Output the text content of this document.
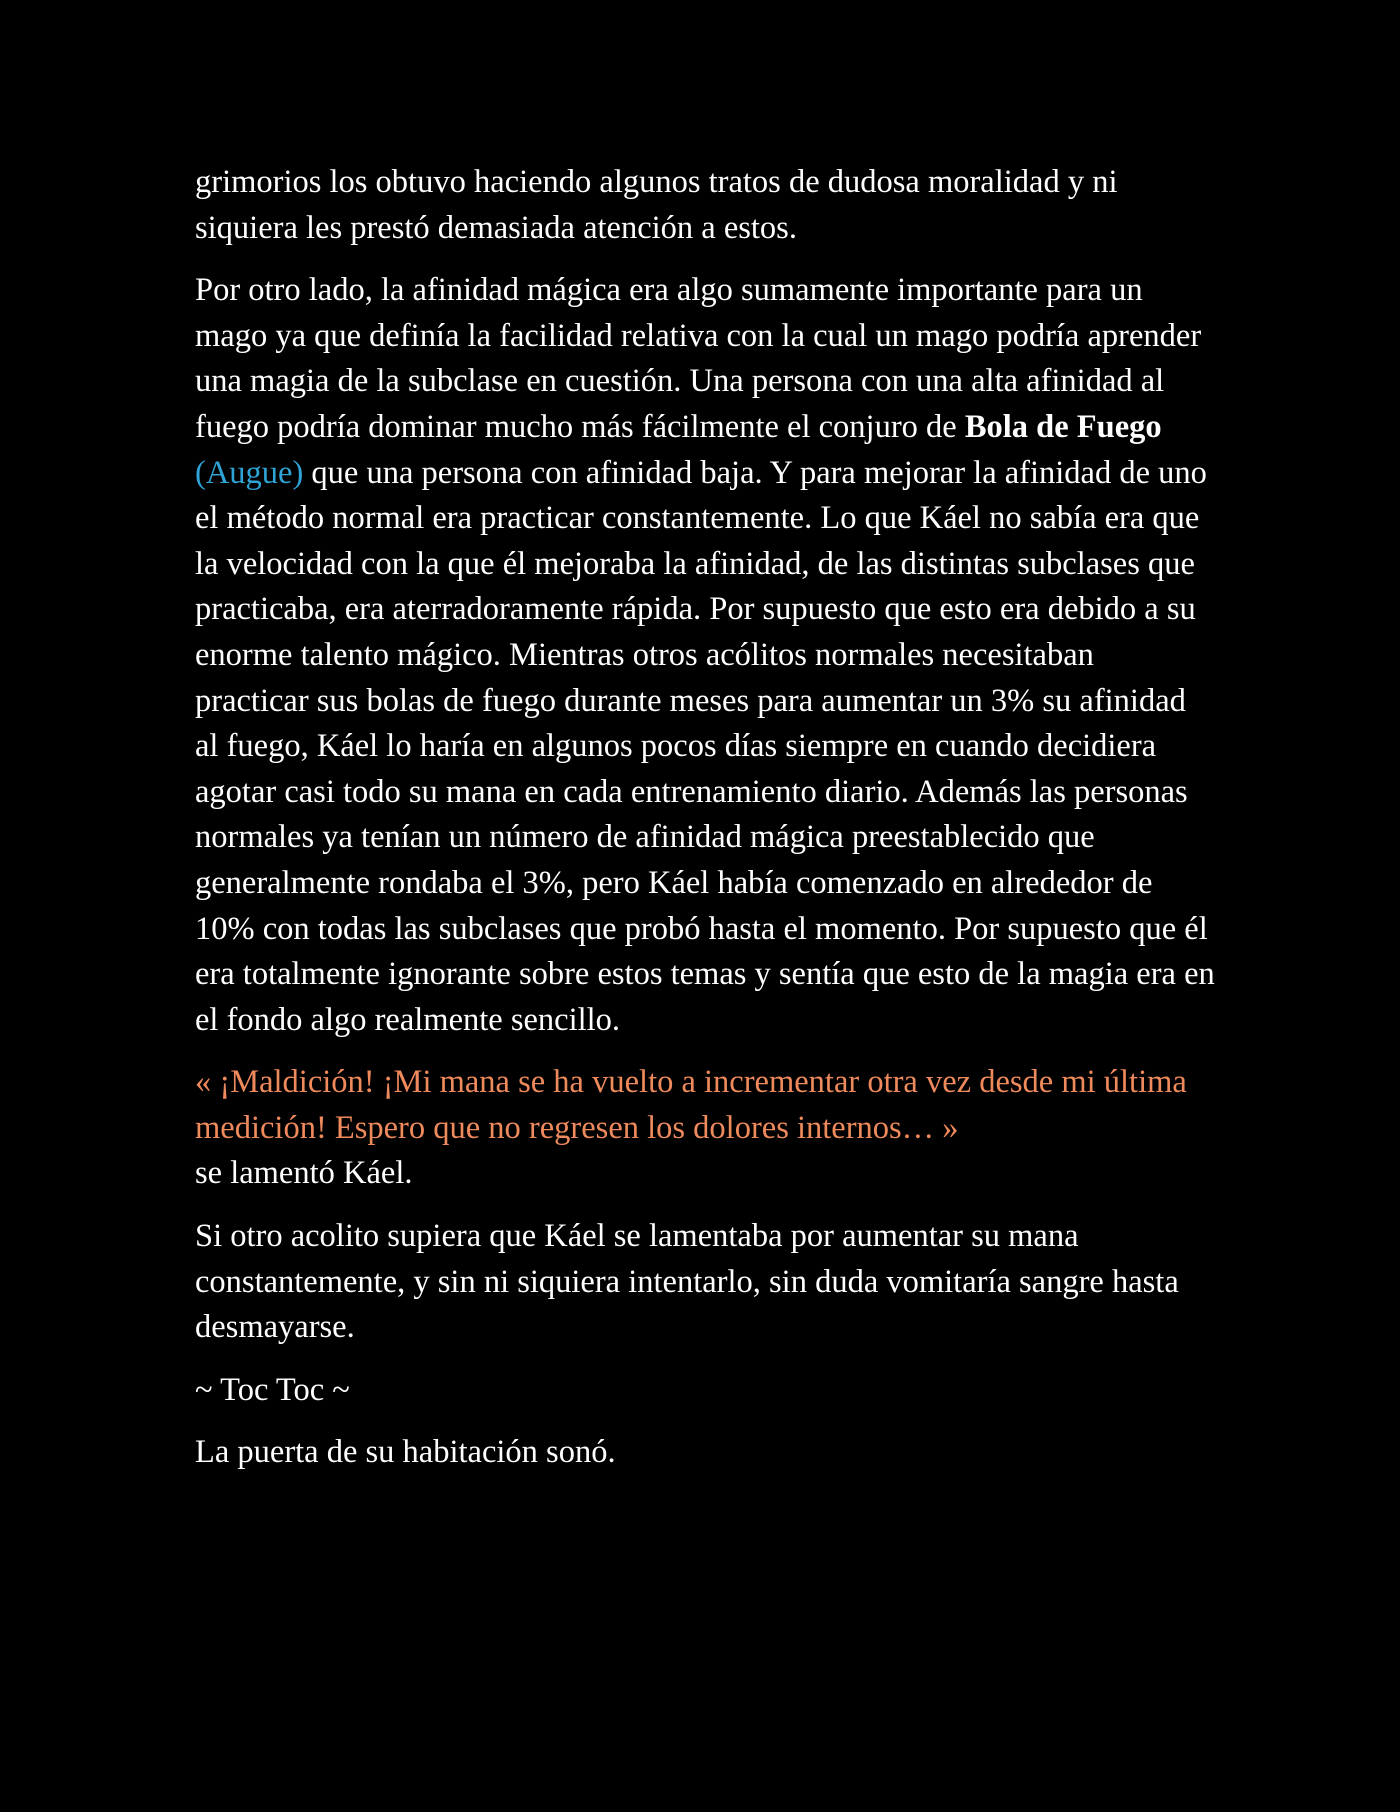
grimorios los obtuvo haciendo algunos tratos de dudosa moralidad y ni siquiera les prestó demasiada atención a estos.

Por otro lado, la afinidad mágica era algo sumamente importante para un mago ya que definía la facilidad relativa con la cual un mago podría aprender una magia de la subclase en cuestión. Una persona con una alta afinidad al fuego podría dominar mucho más fácilmente el conjuro de Bola de Fuego (Augue) que una persona con afinidad baja. Y para mejorar la afinidad de uno el método normal era practicar constantemente. Lo que Káel no sabía era que la velocidad con la que él mejoraba la afinidad, de las distintas subclases que practicaba, era aterradoramente rápida. Por supuesto que esto era debido a su enorme talento mágico. Mientras otros acólitos normales necesitaban practicar sus bolas de fuego durante meses para aumentar un 3% su afinidad al fuego, Káel lo haría en algunos pocos días siempre en cuando decidiera agotar casi todo su mana en cada entrenamiento diario. Además las personas normales ya tenían un número de afinidad mágica preestablecido que generalmente rondaba el 3%, pero Káel había comenzado en alrededor de 10% con todas las subclases que probó hasta el momento. Por supuesto que él era totalmente ignorante sobre estos temas y sentía que esto de la magia era en el fondo algo realmente sencillo.

« ¡Maldición! ¡Mi mana se ha vuelto a incrementar otra vez desde mi última medición! Espero que no regresen los dolores internos… »
se lamentó Káel.

Si otro acolito supiera que Káel se lamentaba por aumentar su mana constantemente, y sin ni siquiera intentarlo, sin duda vomitaría sangre hasta desmayarse.

~ Toc Toc ~

La puerta de su habitación sonó.
